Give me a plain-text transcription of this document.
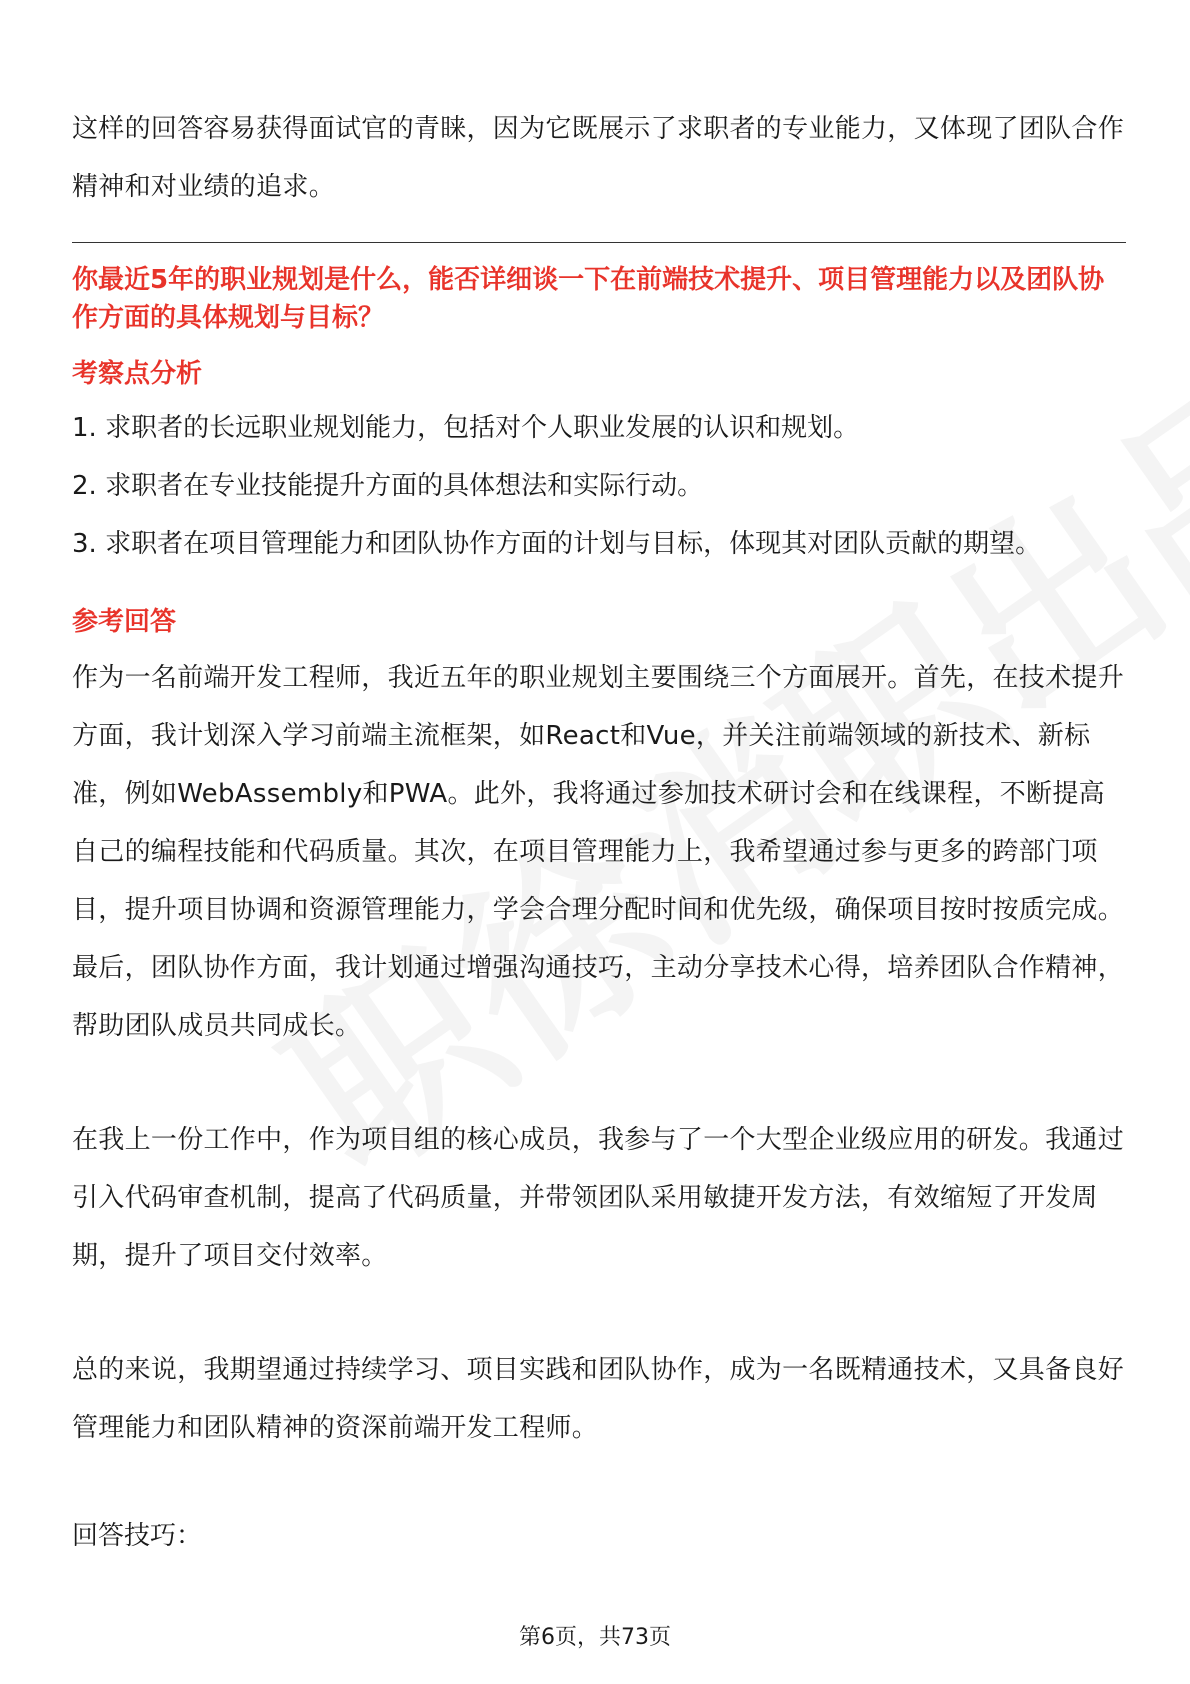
这样的回答容易获得面试官的青睐，因为它既展示了求职者的专业能力，又体现了团队合作精神和对业绩的追求。

你最近5年的职业规划是什么，能否详细谈一下在前端技术提升、项目管理能力以及团队协作方面的具体规划与目标？

考察点分析

1. 求职者的长远职业规划能力，包括对个人职业发展的认识和规划。

2. 求职者在专业技能提升方面的具体想法和实际行动。

3. 求职者在项目管理能力和团队协作方面的计划与目标，体现其对团队贡献的期望。

参考回答

作为一名前端开发工程师，我近五年的职业规划主要围绕三个方面展开。首先，在技术提升方面，我计划深入学习前端主流框架，如React和Vue，并关注前端领域的新技术、新标准，例如WebAssembly和PWA。此外，我将通过参加技术研讨会和在线课程，不断提高自己的编程技能和代码质量。其次，在项目管理能力上，我希望通过参与更多的跨部门项目，提升项目协调和资源管理能力，学会合理分配时间和优先级，确保项目按时按质完成。最后，团队协作方面，我计划通过增强沟通技巧，主动分享技术心得，培养团队合作精神，帮助团队成员共同成长。

在我上一份工作中，作为项目组的核心成员，我参与了一个大型企业级应用的研发。我通过引入代码审查机制，提高了代码质量，并带领团队采用敏捷开发方法，有效缩短了开发周期，提升了项目交付效率。

总的来说，我期望通过持续学习、项目实践和团队协作，成为一名既精通技术，又具备良好管理能力和团队精神的资深前端开发工程师。

回答技巧：

第6页，共73页
